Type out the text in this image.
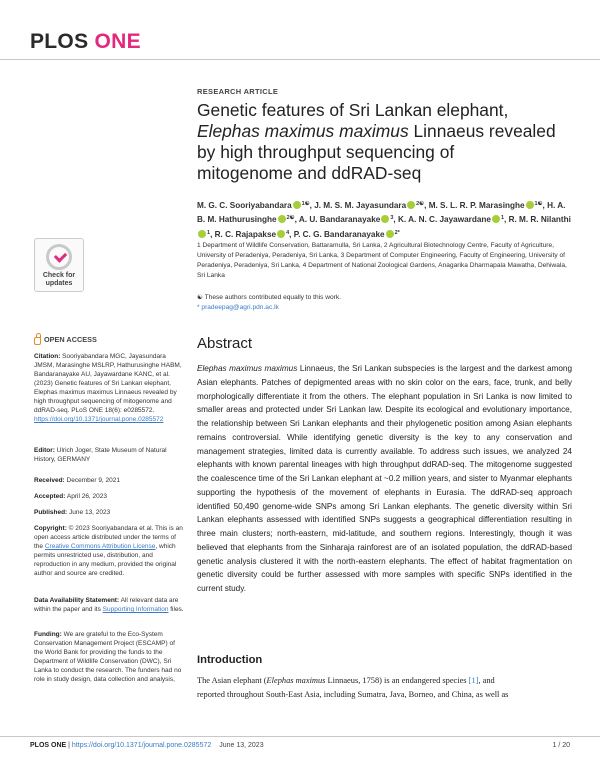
PLOS ONE
Check for
updates
OPEN ACCESS
Citation: Sooriyabandara MGC, Jayasundara JMSM, Marasinghe MSLRP, Hathurusinghe HABM, Bandaranayake AU, Jayawardane KANC, et al. (2023) Genetic features of Sri Lankan elephant, Elephas maximus maximus Linnaeus revealed by high throughput sequencing of mitogenome and ddRAD-seq. PLoS ONE 18(6): e0285572. https://doi.org/10.1371/journal.pone.0285572
Editor: Ulrich Joger, State Museum of Natural History, GERMANY
Received: December 9, 2021
Accepted: April 26, 2023
Published: June 13, 2023
Copyright: © 2023 Sooriyabandara et al. This is an open access article distributed under the terms of the Creative Commons Attribution License, which permits unrestricted use, distribution, and reproduction in any medium, provided the original author and source are credited.
Data Availability Statement: All relevant data are within the paper and its Supporting Information files.
Funding: We are grateful to the Eco-System Conservation Management Project (ESCAMP) of the World Bank for providing the funds to the Department of Wildlife Conservation (DWC), Sri Lanka to conduct the research. The funders had no role in study design, data collection and analysis,
RESEARCH ARTICLE
Genetic features of Sri Lankan elephant,
Elephas maximus maximus Linnaeus revealed
by high throughput sequencing of
mitogenome and ddRAD-seq
M. G. C. Sooriyabandara $^{1☯}$, J. M. S. M. Jayasundara $^{2☯}$, M. S. L. R. P. Marasinghe $^{1☯}$, H. A. B. M. Hathurusinghe $^{2☯}$, A. U. Bandaranayake $^3$, K. A. N. C. Jayawardane $^1$, R. M. R. Nilanthi$^1$, R. C. Rajapakse $^4$, P. C. G. Bandaranayake $^{2*}$
1 Department of Wildlife Conservation, Battaramulla, Sri Lanka, 2 Agricultural Biotechnology Centre, Faculty of Agriculture, University of Peradeniya, Peradeniya, Sri Lanka, 3 Department of Computer Engineering, Faculty of Engineering, University of Peradeniya, Peradeniya, Sri Lanka, 4 Department of National Zoological Gardens, Anagarika Dharmapala Mawatha, Dehiwala, Sri Lanka
☯ These authors contributed equally to this work.
* pradeepag@agri.pdn.ac.lk
Abstract
Elephas maximus maximus Linnaeus, the Sri Lankan subspecies is the largest and the darkest among Asian elephants. Patches of depigmented areas with no skin color on the ears, face, trunk, and belly morphologically differentiate it from the others. The elephant population in Sri Lanka is now limited to smaller areas and protected under Sri Lankan law. Despite its ecological and evolutionary importance, the relationship between Sri Lankan elephants and their phylogenetic position among Asian elephants remains controversial. While identifying genetic diversity is the key to any conservation and management strategies, limited data is currently available. To address such issues, we analyzed 24 elephants with known parental lineages with high throughput ddRAD-seq. The mitogenome suggested the coalescence time of the Sri Lankan elephant at ~0.2 million years, and sister to Myanmar elephants supporting the hypothesis of the movement of elephants in Eurasia. The ddRAD-seq approach identified 50,490 genome-wide SNPs among Sri Lankan elephants. The genetic diversity within Sri Lankan elephants assessed with identified SNPs suggests a geographical differentiation resulting in three main clusters; north-eastern, mid-latitude, and southern regions. Interestingly, though it was believed that elephants from the Sinharaja rainforest are of an isolated population, the ddRAD-based genetic analysis clustered it with the north-eastern elephants. The effect of habitat fragmentation on genetic diversity could be further assessed with more samples with specific SNPs identified in the current study.
Introduction
The Asian elephant (Elephas maximus Linnaeus, 1758) is an endangered species [1], and
reported throughout South-East Asia, including Sumatra, Java, Borneo, and China, as well as
PLOS ONE | https://doi.org/10.1371/journal.pone.0285572 June 13, 2023	1 / 20
